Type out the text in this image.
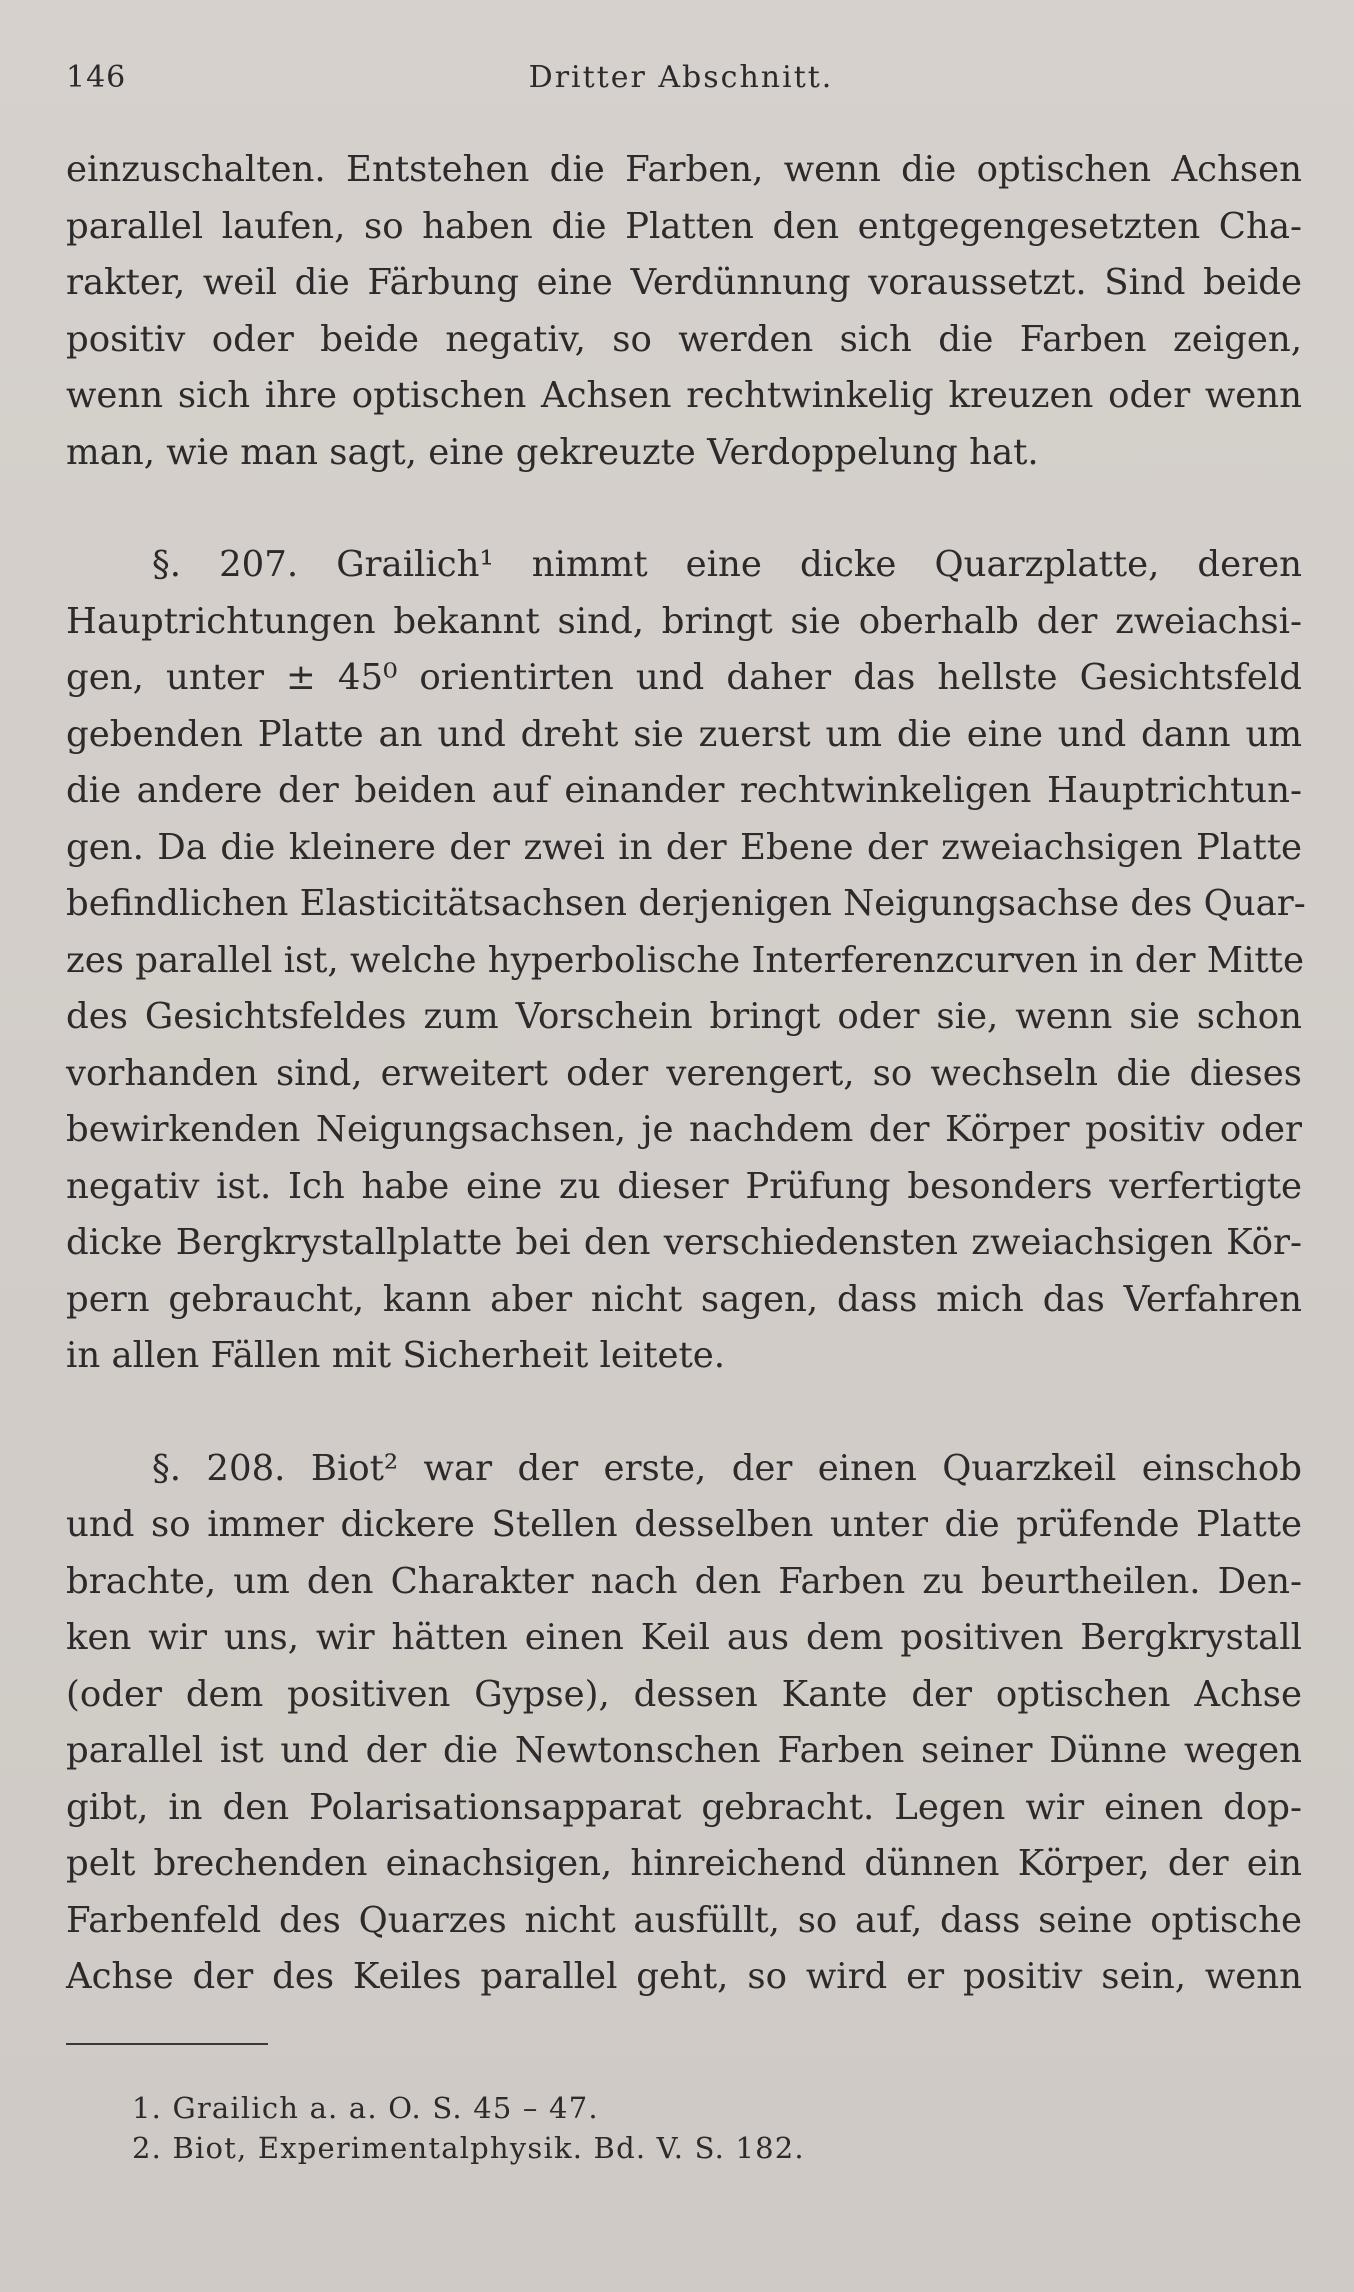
146	Dritter Abschnitt.
einzuschalten. Entstehen die Farben, wenn die optischen Achsen
parallel laufen, so haben die Platten den entgegengesetzten Cha-
rakter, weil die Färbung eine Verdünnung voraussetzt. Sind beide
positiv oder beide negativ, so werden sich die Farben zeigen,
wenn sich ihre optischen Achsen rechtwinkelig kreuzen oder wenn
man, wie man sagt, eine gekreuzte Verdoppelung hat.
§. 207. Grailich¹ nimmt eine dicke Quarzplatte, deren
Hauptrichtungen bekannt sind, bringt sie oberhalb der zweiachsi-
gen, unter ± 45⁰ orientirten und daher das hellste Gesichtsfeld
gebenden Platte an und dreht sie zuerst um die eine und dann um
die andere der beiden auf einander rechtwinkeligen Hauptrichtun-
gen. Da die kleinere der zwei in der Ebene der zweiachsigen Platte
befindlichen Elasticitätsachsen derjenigen Neigungsachse des Quar-
zes parallel ist, welche hyperbolische Interferenzcurven in der Mitte
des Gesichtsfeldes zum Vorschein bringt oder sie, wenn sie schon
vorhanden sind, erweitert oder verengert, so wechseln die dieses
bewirkenden Neigungsachsen, je nachdem der Körper positiv oder
negativ ist. Ich habe eine zu dieser Prüfung besonders verfertigte
dicke Bergkrystallplatte bei den verschiedensten zweiachsigen Kör-
pern gebraucht, kann aber nicht sagen, dass mich das Verfahren
in allen Fällen mit Sicherheit leitete.
§. 208. Biot² war der erste, der einen Quarzkeil einschob
und so immer dickere Stellen desselben unter die prüfende Platte
brachte, um den Charakter nach den Farben zu beurtheilen. Den-
ken wir uns, wir hätten einen Keil aus dem positiven Bergkrystall
(oder dem positiven Gypse), dessen Kante der optischen Achse
parallel ist und der die Newtonschen Farben seiner Dünne wegen
gibt, in den Polarisationsapparat gebracht. Legen wir einen dop-
pelt brechenden einachsigen, hinreichend dünnen Körper, der ein
Farbenfeld des Quarzes nicht ausfüllt, so auf, dass seine optische
Achse der des Keiles parallel geht, so wird er positiv sein, wenn
1. Grailich a. a. O. S. 45 – 47.
2. Biot, Experimentalphysik. Bd. V. S. 182.
